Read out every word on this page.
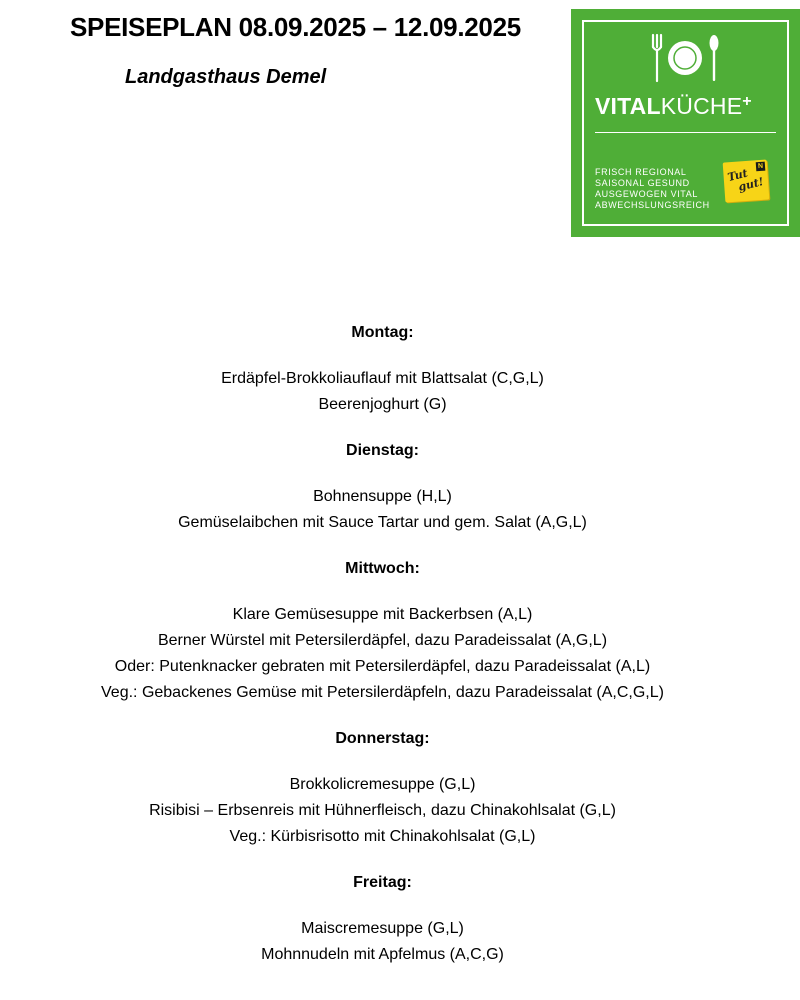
SPEISEPLAN 08.09.2025 – 12.09.2025
Landgasthaus Demel
VITALKÜCHE+
FRISCH REGIONAL
SAISONAL GESUND
AUSGEWOGEN VITAL
ABWECHSLUNGSREICH
Tut
gut!
N
Montag:
Erdäpfel-Brokkoliauflauf mit Blattsalat (C,G,L)
Beerenjoghurt (G)
Dienstag:
Bohnensuppe (H,L)
Gemüselaibchen mit Sauce Tartar und gem. Salat (A,G,L)
Mittwoch:
Klare Gemüsesuppe mit Backerbsen (A,L)
Berner Würstel mit Petersilerdäpfel, dazu Paradeissalat (A,G,L)
Oder: Putenknacker gebraten mit Petersilerdäpfel, dazu Paradeissalat (A,L)
Veg.: Gebackenes Gemüse mit Petersilerdäpfeln, dazu Paradeissalat (A,C,G,L)
Donnerstag:
Brokkolicremesuppe (G,L)
Risibisi – Erbsenreis mit Hühnerfleisch, dazu Chinakohlsalat (G,L)
Veg.: Kürbisrisotto mit Chinakohlsalat (G,L)
Freitag:
Maiscremesuppe (G,L)
Mohnnudeln mit Apfelmus (A,C,G)
